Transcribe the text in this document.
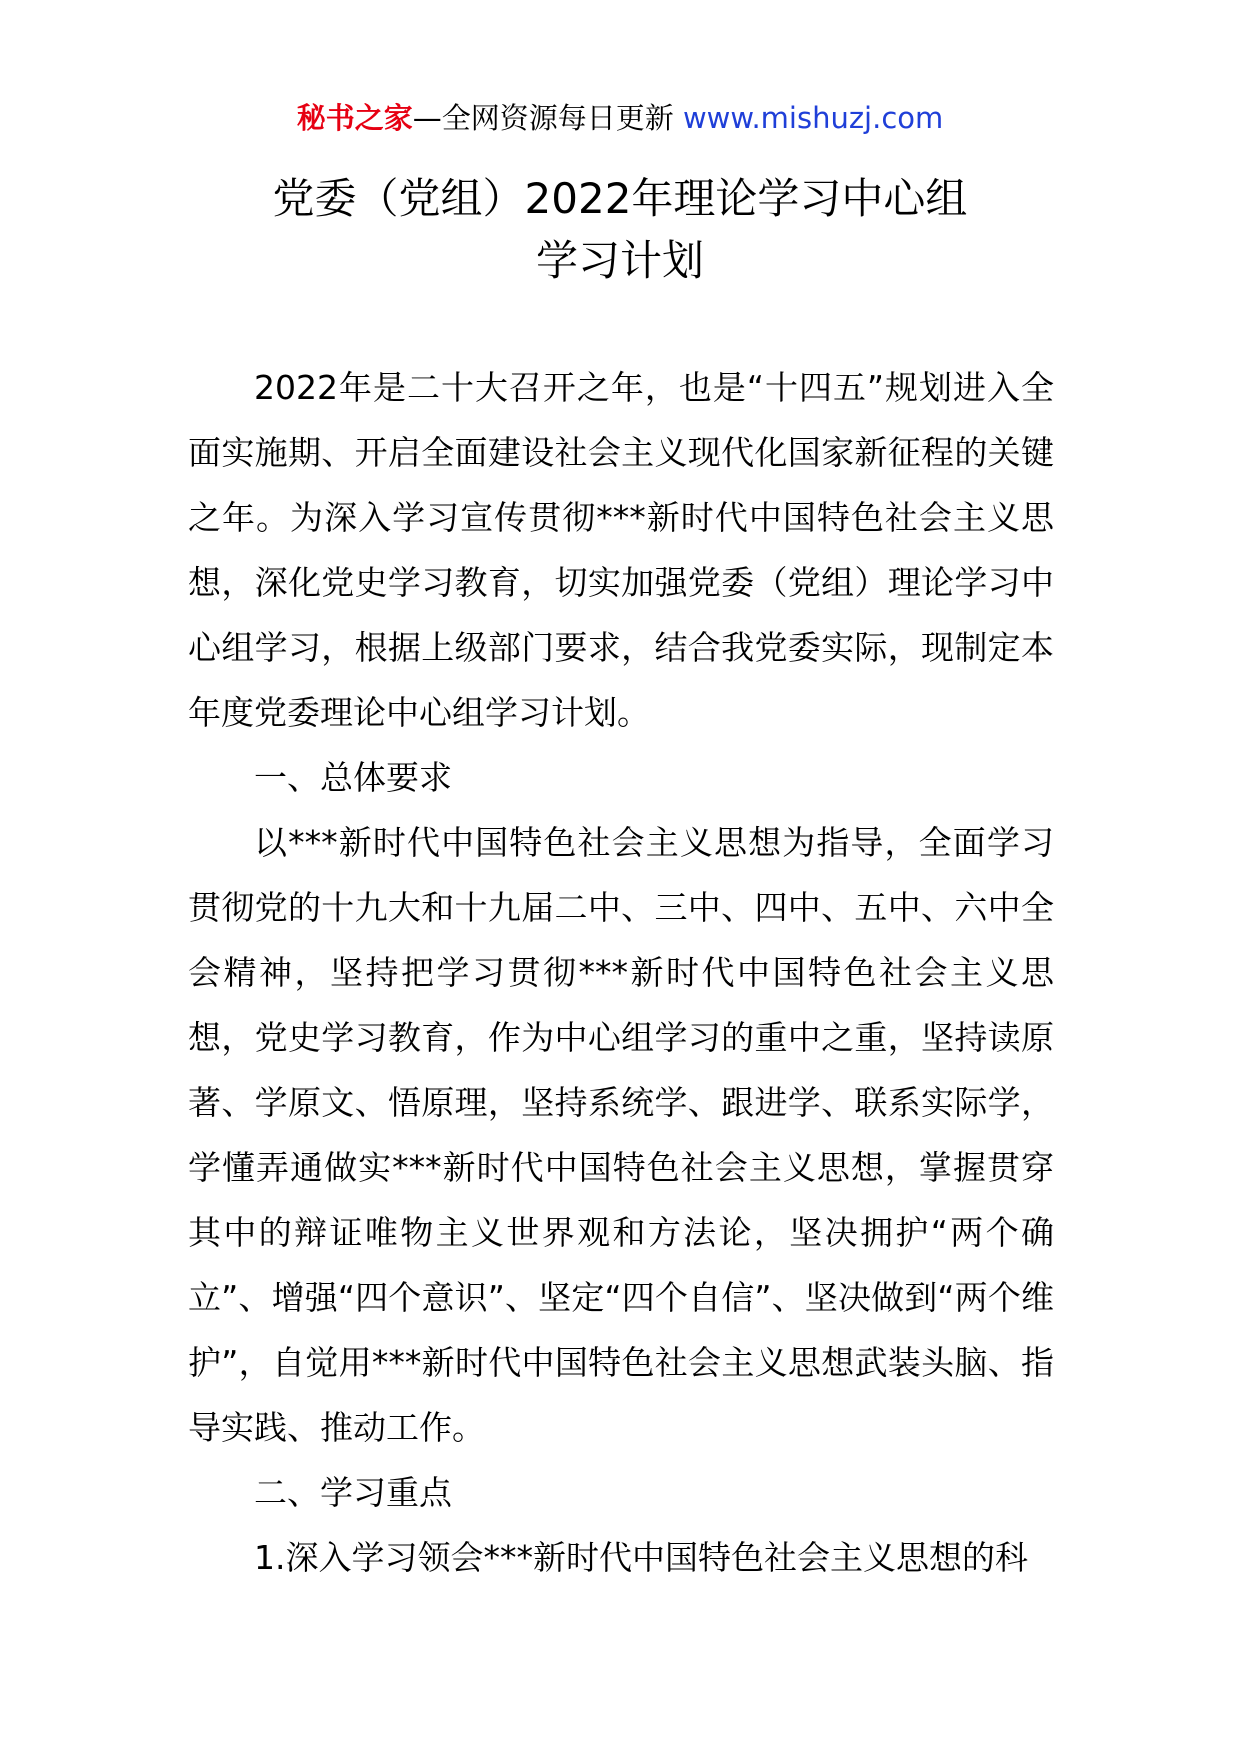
秘书之家—全网资源每日更新 www.mishuzj.com
党委（党组）2022年理论学习中心组
学习计划

2022年是二十大召开之年，也是“十四五”规划进入全面实施期、开启全面建设社会主义现代化国家新征程的关键之年。为深入学习宣传贯彻***新时代中国特色社会主义思想，深化党史学习教育，切实加强党委（党组）理论学习中心组学习，根据上级部门要求，结合我党委实际，现制定本年度党委理论中心组学习计划。

一、总体要求

以***新时代中国特色社会主义思想为指导，全面学习贯彻党的十九大和十九届二中、三中、四中、五中、六中全会精神，坚持把学习贯彻***新时代中国特色社会主义思想，党史学习教育，作为中心组学习的重中之重，坚持读原著、学原文、悟原理，坚持系统学、跟进学、联系实际学，学懂弄通做实***新时代中国特色社会主义思想，掌握贯穿其中的辩证唯物主义世界观和方法论，坚决拥护“两个确立”、增强“四个意识”、坚定“四个自信”、坚决做到“两个维护”，自觉用***新时代中国特色社会主义思想武装头脑、指导实践、推动工作。

二、学习重点

1.深入学习领会***新时代中国特色社会主义思想的科
